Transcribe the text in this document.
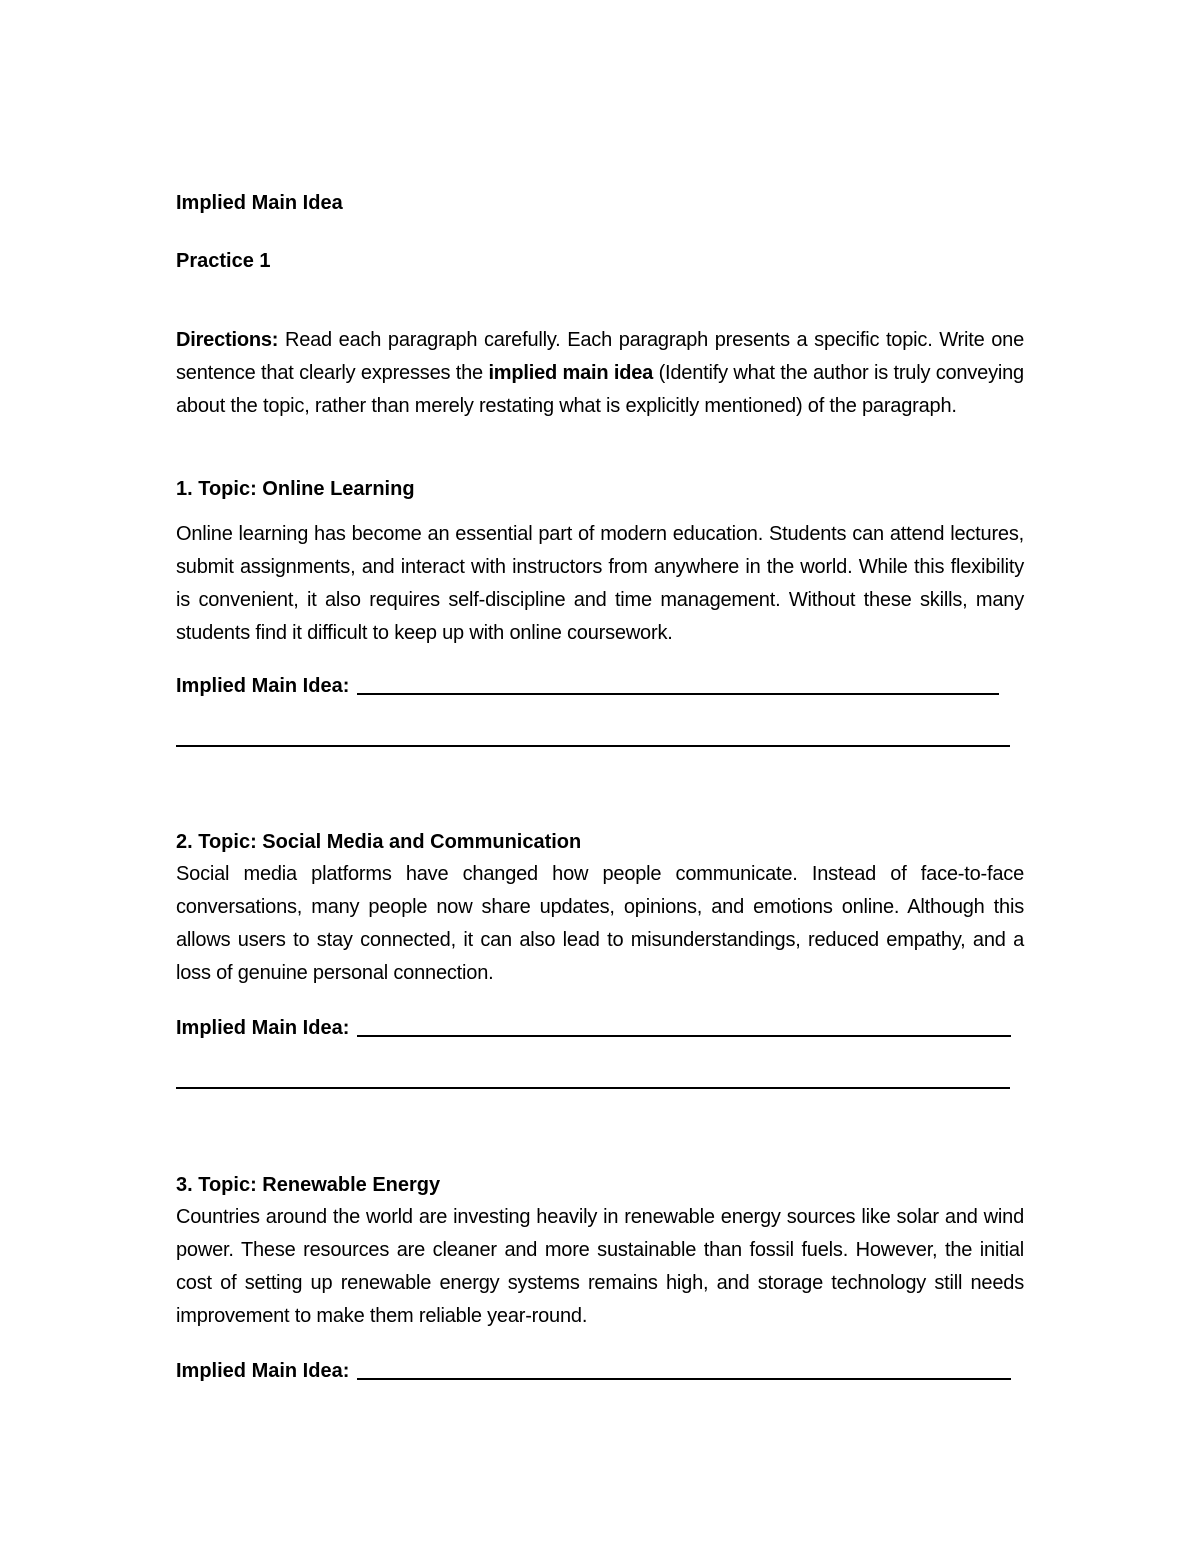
Implied Main Idea
Practice 1

Directions: Read each paragraph carefully. Each paragraph presents a specific topic. Write one sentence that clearly expresses the implied main idea (Identify what the author is truly conveying about the topic, rather than merely restating what is explicitly mentioned) of the paragraph.

1. Topic: Online Learning

Online learning has become an essential part of modern education. Students can attend lectures, submit assignments, and interact with instructors from anywhere in the world. While this flexibility is convenient, it also requires self-discipline and time management. Without these skills, many students find it difficult to keep up with online coursework.

Implied Main Idea:

2. Topic: Social Media and Communication

Social media platforms have changed how people communicate. Instead of face-to-face conversations, many people now share updates, opinions, and emotions online. Although this allows users to stay connected, it can also lead to misunderstandings, reduced empathy, and a loss of genuine personal connection.

Implied Main Idea:

3. Topic: Renewable Energy

Countries around the world are investing heavily in renewable energy sources like solar and wind power. These resources are cleaner and more sustainable than fossil fuels. However, the initial cost of setting up renewable energy systems remains high, and storage technology still needs improvement to make them reliable year-round.

Implied Main Idea:
